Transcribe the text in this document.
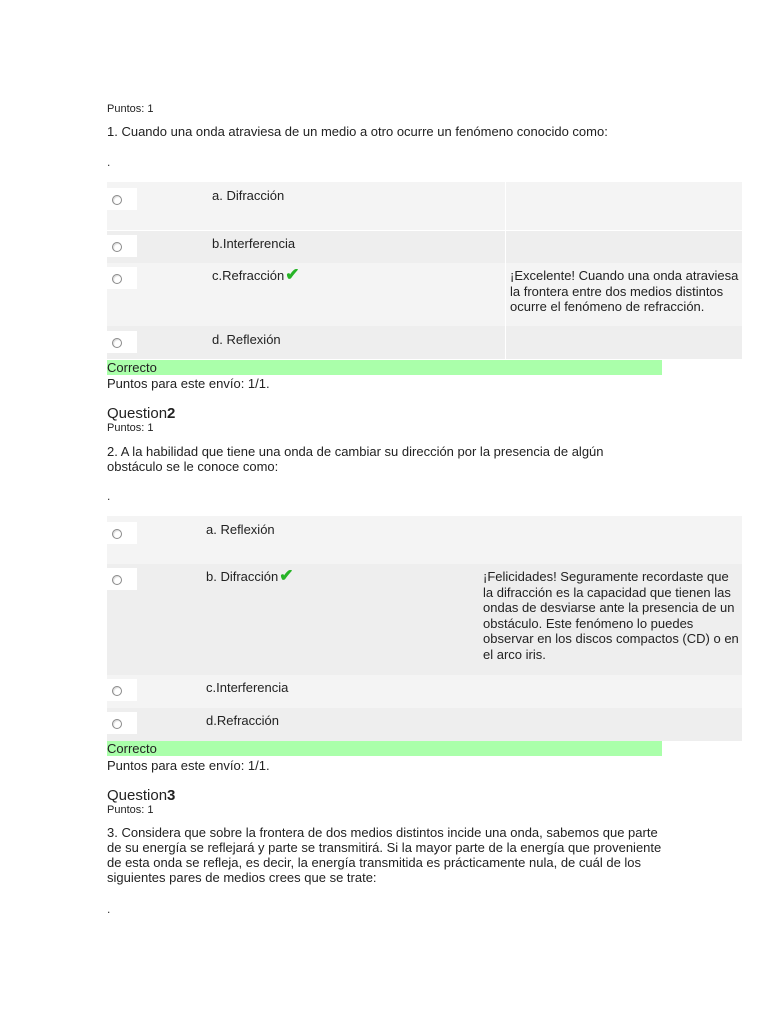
Puntos: 1
1. Cuando una onda atraviesa de un medio a otro ocurre un fenómeno conocido como:
.
a. Difracción
b.Interferencia
c.Refracción✔	¡Excelente! Cuando una onda atraviesa la frontera entre dos medios distintos ocurre el fenómeno de refracción.
d. Reflexión
Correcto
Puntos para este envío: 1/1.
Question2
Puntos: 1
2. A la habilidad que tiene una onda de cambiar su dirección por la presencia de algún obstáculo se le conoce como:
.
a. Reflexión
b. Difracción✔	¡Felicidades! Seguramente recordaste que la difracción es la capacidad que tienen las ondas de desviarse ante la presencia de un obstáculo. Este fenómeno lo puedes observar en los discos compactos (CD) o en el arco iris.
c.Interferencia
d.Refracción
Correcto
Puntos para este envío: 1/1.
Question3
Puntos: 1
3. Considera que sobre la frontera de dos medios distintos incide una onda, sabemos que parte de su energía se reflejará y parte se transmitirá. Si la mayor parte de la energía que proveniente de esta onda se refleja, es decir, la energía transmitida es prácticamente nula, de cuál de los siguientes pares de medios crees que se trate:
.
